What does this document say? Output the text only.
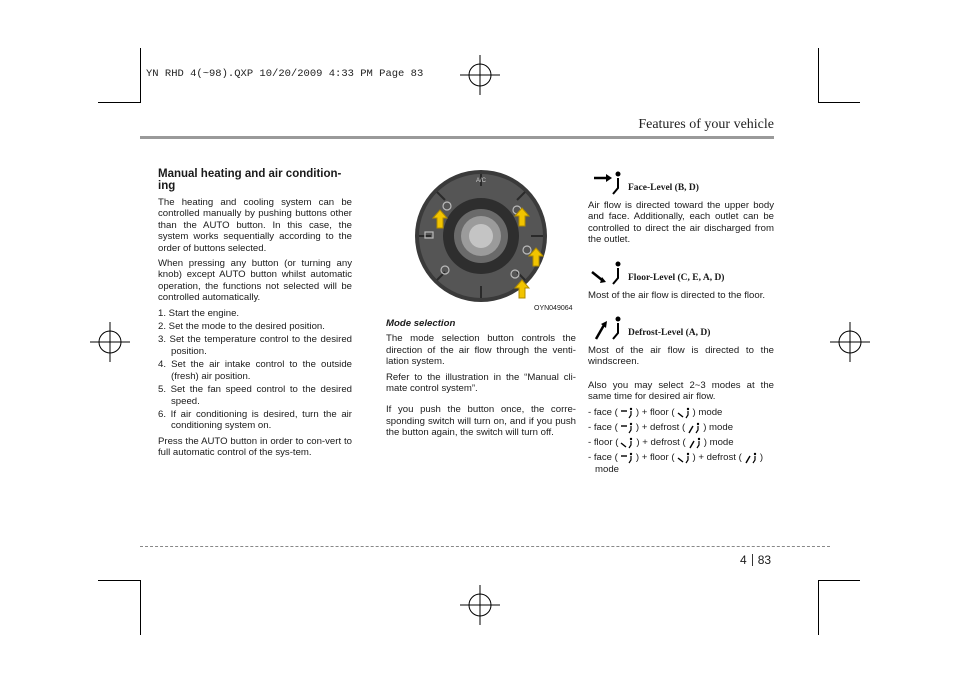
YN RHD 4(~98).QXP 10/20/2009 4:33 PM Page 83
Features of your vehicle
Manual heating and air condition-ing

The heating and cooling system can be controlled manually by pushing buttons other than the AUTO button. In this case, the system works sequentially according to the order of buttons selected.

When pressing any button (or turning any knob) except AUTO button whilst automatic operation, the functions not selected will be controlled automatically.

1. Start the engine.
2. Set the mode to the desired position.
3. Set the temperature control to the desired position.
4. Set the air intake control to the outside (fresh) air position.
5. Set the fan speed control to the desired speed.
6. If air conditioning is desired, turn the air conditioning system on.

Press the AUTO button in order to con-vert to full automatic control of the sys-tem.

A/C
OYN049064

Mode selection

The mode selection button controls the direction of the air flow through the venti-lation system.

Refer to the illustration in the “Manual cli-mate control system”.

If you push the button once, the corre-sponding switch will turn on, and if you push the button again, the switch will turn off.

Face-Level (B, D)

Air flow is directed toward the upper body and face. Additionally, each outlet can be controlled to direct the air discharged from the outlet.

Floor-Level (C, E, A, D)

Most of the air flow is directed to the floor.

Defrost-Level (A, D)

Most of the air flow is directed to the windscreen.

Also you may select 2~3 modes at the same time for desired air flow.

- face ( ) + floor ( ) mode
- face ( ) + defrost ( ) mode
- floor ( ) + defrost ( ) mode
- face ( ) + floor ( ) + defrost ( )
mode
4 83
